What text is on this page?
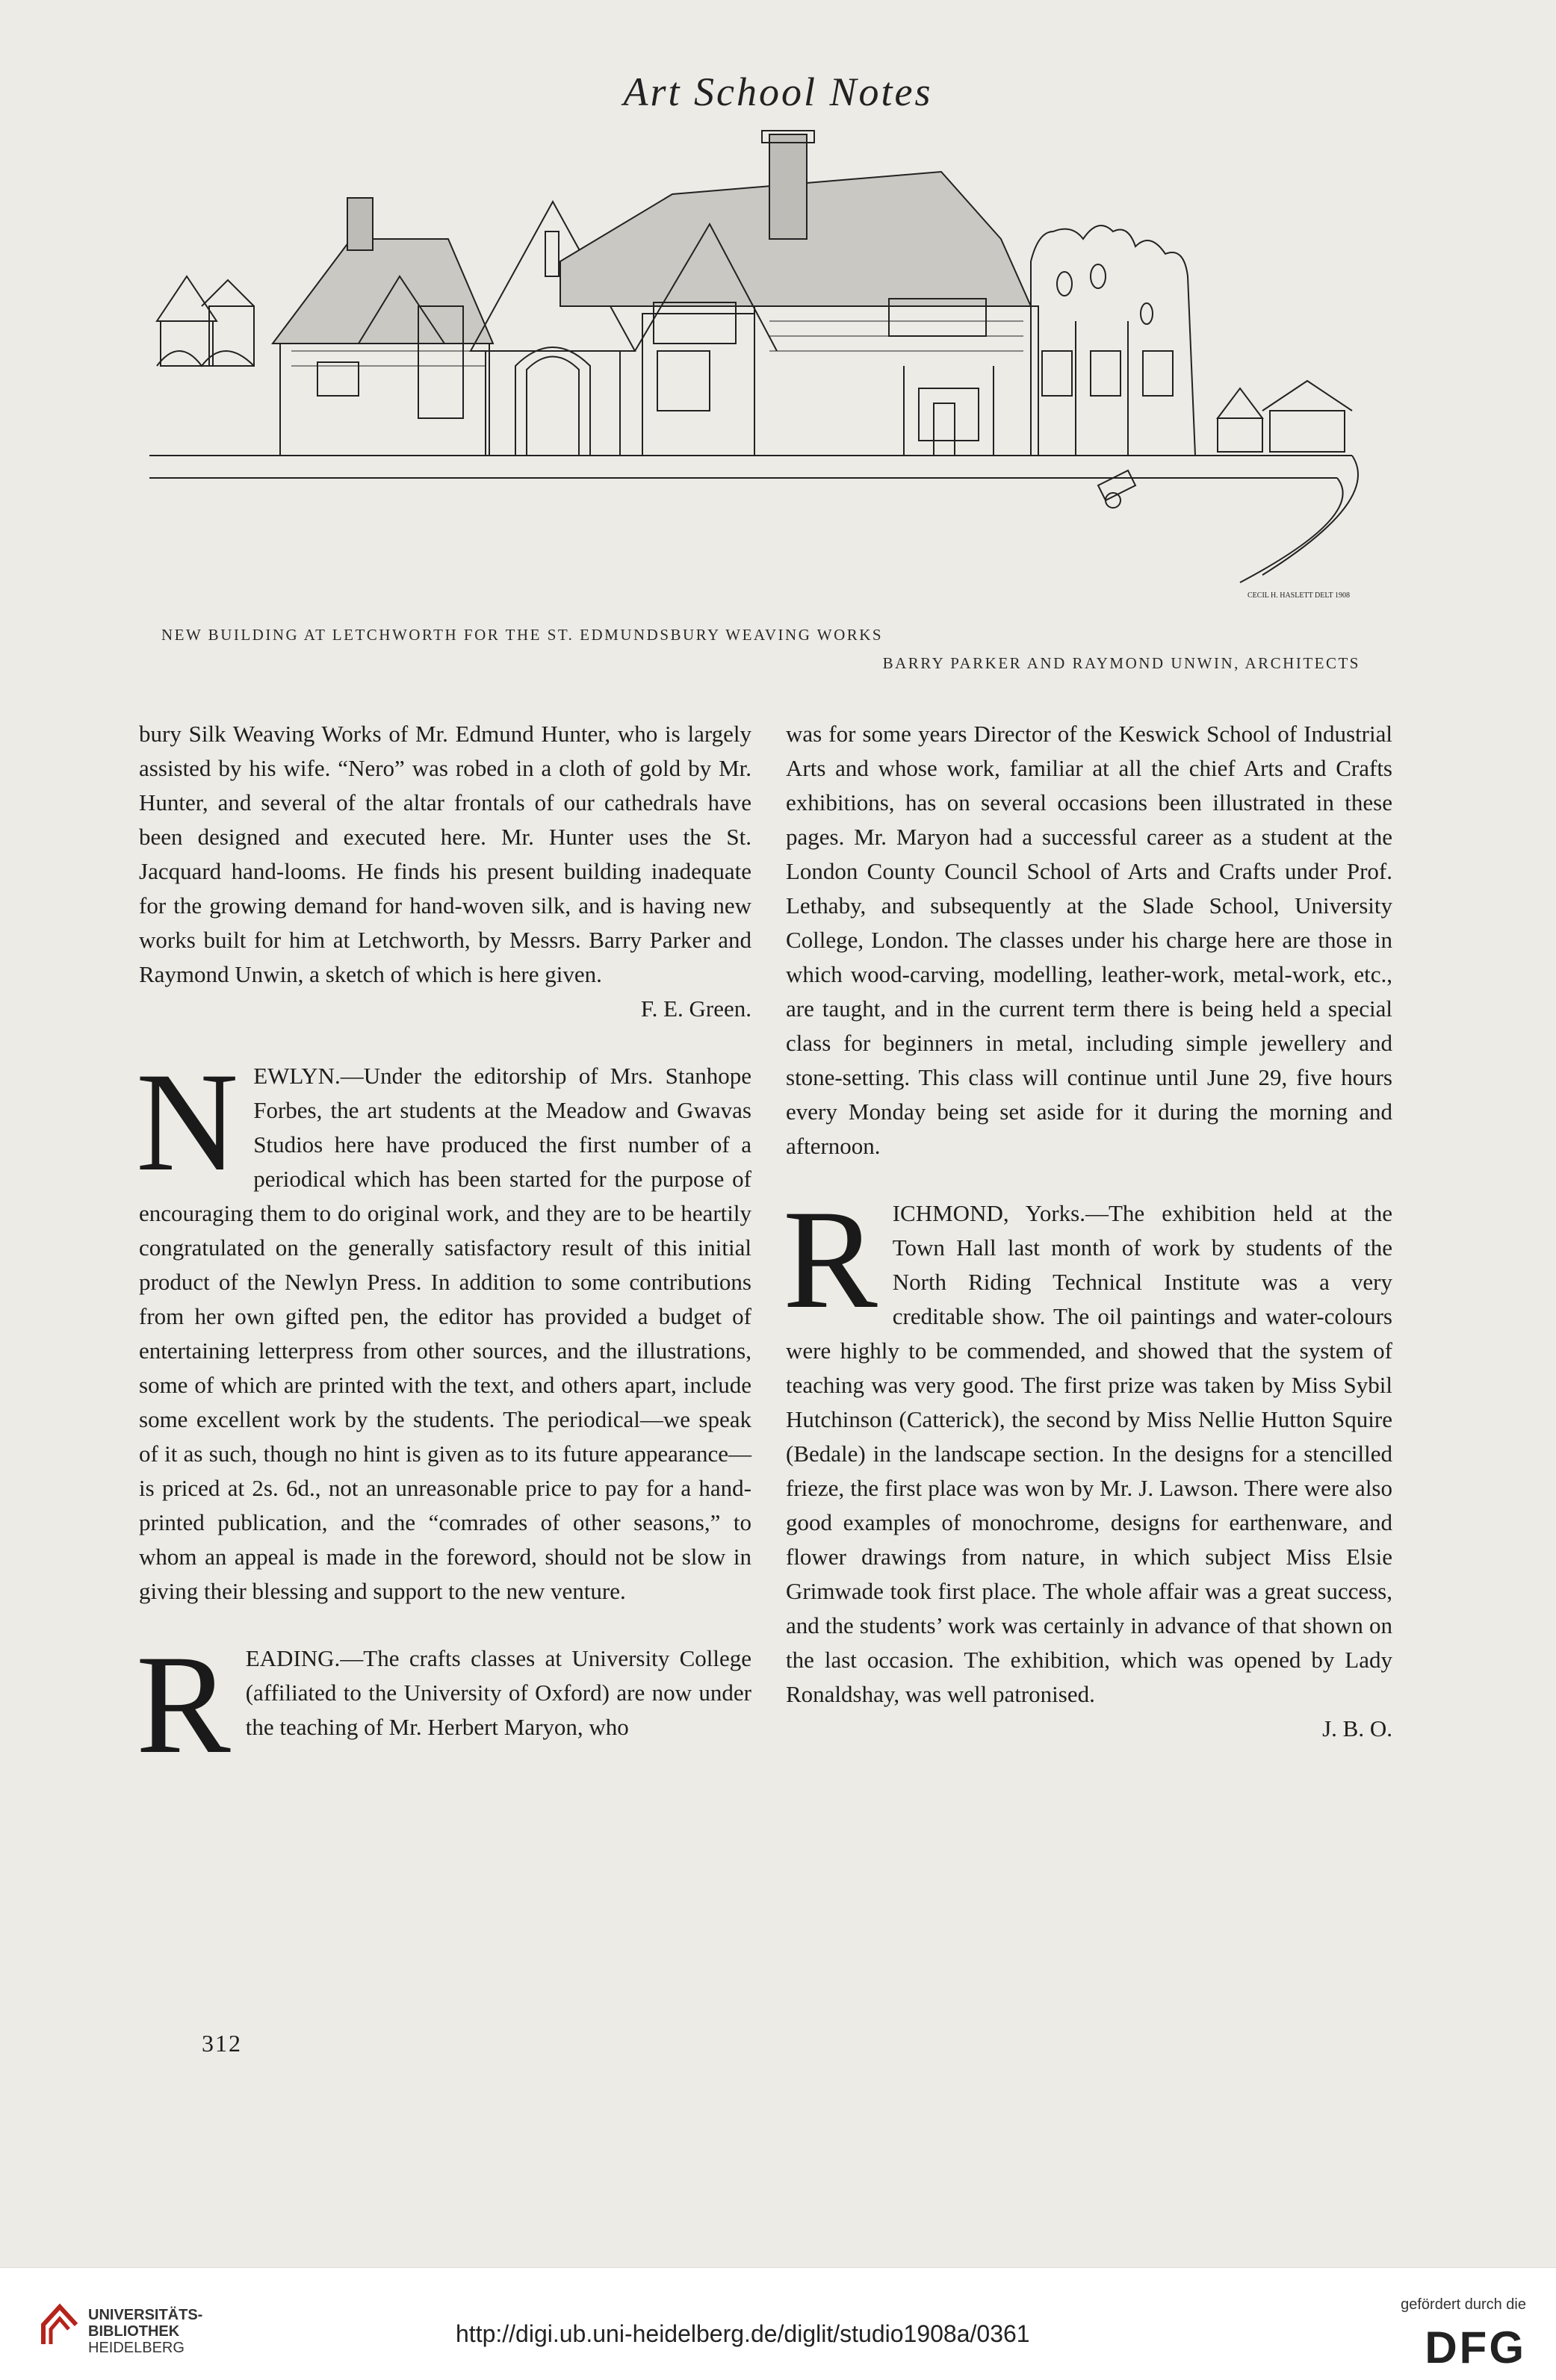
Art School Notes
CECIL H. HASLETT DELT 1908
NEW BUILDING AT LETCHWORTH FOR THE ST. EDMUNDSBURY WEAVING WORKS
BARRY PARKER AND RAYMOND UNWIN, ARCHITECTS

bury Silk Weaving Works of Mr. Edmund Hunter, who is largely assisted by his wife. “Nero” was robed in a cloth of gold by Mr. Hunter, and several of the altar frontals of our cathedrals have been designed and executed here. Mr. Hunter uses the St. Jacquard hand-looms. He finds his present building inadequate for the growing demand for hand-woven silk, and is having new works built for him at Letchworth, by Messrs. Barry Parker and Raymond Unwin, a sketch of which is here given.

F. E. Green.

N EWLYN.—Under the editorship of Mrs. Stanhope Forbes, the art students at the Meadow and Gwavas Studios here have produced the first number of a periodical which has been started for the purpose of encouraging them to do original work, and they are to be heartily congratulated on the generally satisfactory result of this initial product of the Newlyn Press. In addition to some contributions from her own gifted pen, the editor has provided a budget of entertaining letterpress from other sources, and the illustrations, some of which are printed with the text, and others apart, include some excellent work by the students. The periodical—we speak of it as such, though no hint is given as to its future appearance—is priced at 2s. 6d., not an unreasonable price to pay for a hand-printed publication, and the “comrades of other seasons,” to whom an appeal is made in the foreword, should not be slow in giving their blessing and support to the new venture.

R EADING.—The crafts classes at University College (affiliated to the University of Oxford) are now under the teaching of Mr. Herbert Maryon, who

was for some years Director of the Keswick School of Industrial Arts and whose work, familiar at all the chief Arts and Crafts exhibitions, has on several occasions been illustrated in these pages. Mr. Maryon had a successful career as a student at the London County Council School of Arts and Crafts under Prof. Lethaby, and subsequently at the Slade School, University College, London. The classes under his charge here are those in which wood-carving, modelling, leather-work, metal-work, etc., are taught, and in the current term there is being held a special class for beginners in metal, including simple jewellery and stone-setting. This class will continue until June 29, five hours every Monday being set aside for it during the morning and afternoon.

R ICHMOND, Yorks.—The exhibition held at the Town Hall last month of work by students of the North Riding Technical Institute was a very creditable show. The oil paintings and water-colours were highly to be commended, and showed that the system of teaching was very good. The first prize was taken by Miss Sybil Hutchinson (Catterick), the second by Miss Nellie Hutton Squire (Bedale) in the landscape section. In the designs for a stencilled frieze, the first place was won by Mr. J. Lawson. There were also good examples of monochrome, designs for earthenware, and flower drawings from nature, in which subject Miss Elsie Grimwade took first place. The whole affair was a great success, and the students’ work was certainly in advance of that shown on the last occasion. The exhibition, which was opened by Lady Ronaldshay, was well patronised.

J. B. O.

312
UNIVERSITÄTS-
BIBLIOTHEK
HEIDELBERG
http://digi.ub.uni-heidelberg.de/diglit/studio1908a/0361
gefördert durch die
DFG
